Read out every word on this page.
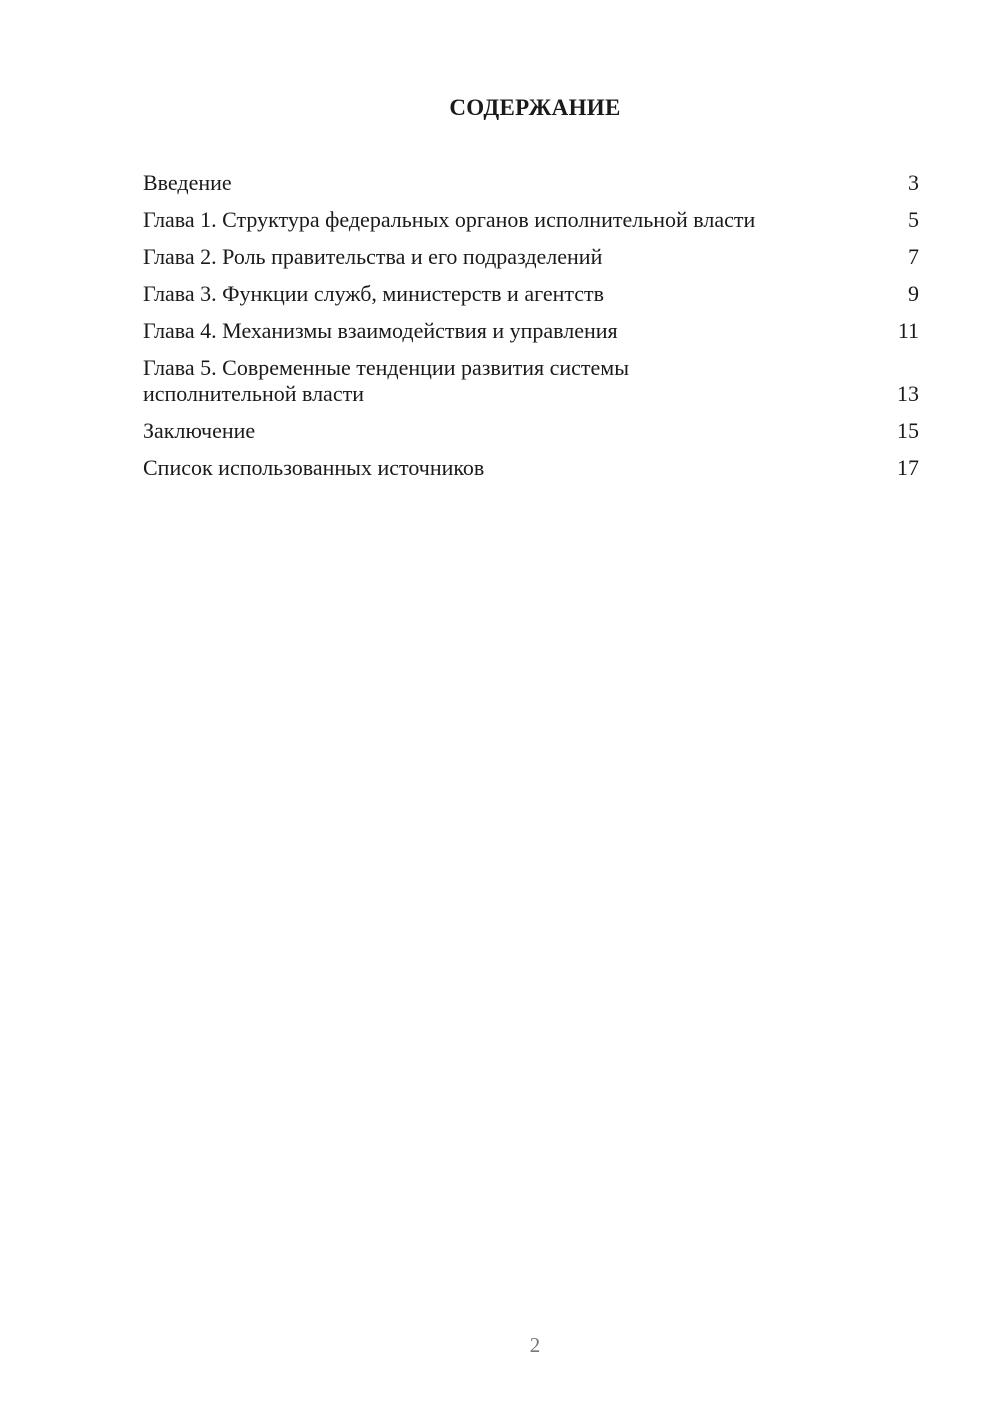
СОДЕРЖАНИЕ
Введение	3
Глава 1. Структура федеральных органов исполнительной власти	5
Глава 2. Роль правительства и его подразделений	7
Глава 3. Функции служб, министерств и агентств	9
Глава 4. Механизмы взаимодействия и управления	11
Глава 5. Современные тенденции развития системы исполнительной власти	13
Заключение	15
Список использованных источников	17
2
